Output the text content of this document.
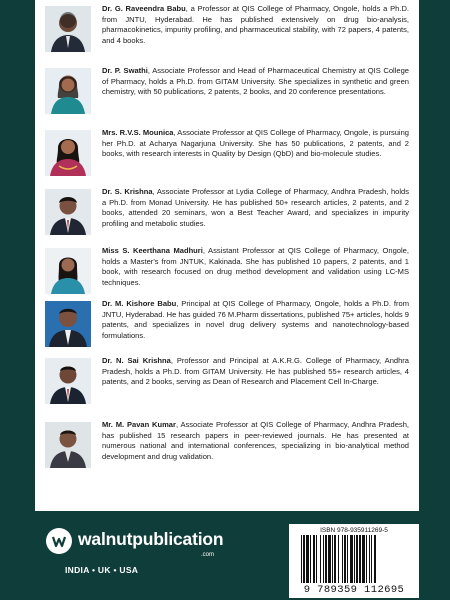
Dr. G. Raveendra Babu, a Professor at QIS College of Pharmacy, Ongole, holds a Ph.D. from JNTU, Hyderabad. He has published extensively on drug bio-analysis, pharmacokinetics, impurity profiling, and pharmaceutical stability, with 72 papers, 4 patents, and 4 books.
Dr. P. Swathi, Associate Professor and Head of Pharmaceutical Chemistry at QIS College of Pharmacy, holds a Ph.D. from GITAM University. She specializes in synthetic and green chemistry, with 50 publications, 2 patents, 2 books, and 20 conference presentations.
Mrs. R.V.S. Mounica, Associate Professor at QIS College of Pharmacy, Ongole, is pursuing her Ph.D. at Acharya Nagarjuna University. She has 50 publications, 2 patents, and 2 books, with research interests in Quality by Design (QbD) and bio-molecule studies.
Dr. S. Krishna, Associate Professor at Lydia College of Pharmacy, Andhra Pradesh, holds a Ph.D. from Monad University. He has published 50+ research articles, 2 patents, and 2 books, attended 20 seminars, won a Best Teacher Award, and specializes in impurity profiling and metabolic studies.
Miss S. Keerthana Madhuri, Assistant Professor at QIS College of Pharmacy, Ongole, holds a Master's from JNTUK, Kakinada. She has published 10 papers, 2 patents, and 1 book, with research focused on drug method development and validation using LC-MS techniques.
Dr. M. Kishore Babu, Principal at QIS College of Pharmacy, Ongole, holds a Ph.D. from JNTU, Hyderabad. He has guided 76 M.Pharm dissertations, published 75+ articles, holds 9 patents, and specializes in novel drug delivery systems and nanotechnology-based formulations.
Dr. N. Sai Krishna, Professor and Principal at A.K.R.G. College of Pharmacy, Andhra Pradesh, holds a Ph.D. from GITAM University. He has published 55+ research articles, 4 patents, and 2 books, serving as Dean of Research and Placement Cell In-Charge.
Mr. M. Pavan Kumar, Associate Professor at QIS College of Pharmacy, Andhra Pradesh, has published 15 research papers in peer-reviewed journals. He has presented at numerous national and international conferences, specializing in bio-analytical method development and drug validation.
walnutpublication
.com
INDIA • UK • USA
ISBN 978-935911269-5
9 789359 112695
